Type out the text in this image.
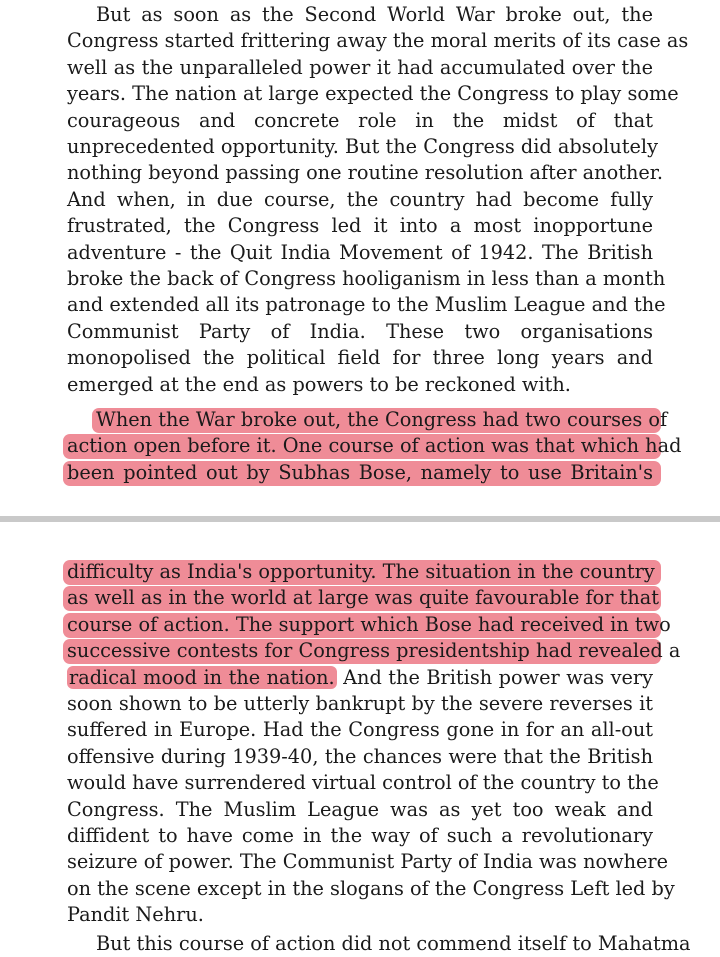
But as soon as the Second World War broke out, the
Congress started frittering away the moral merits of its case as
well as the unparalleled power it had accumulated over the
years. The nation at large expected the Congress to play some
courageous and concrete role in the midst of that
unprecedented opportunity. But the Congress did absolutely
nothing beyond passing one routine resolution after another.
And when, in due course, the country had become fully
frustrated, the Congress led it into a most inopportune
adventure - the Quit India Movement of 1942. The British
broke the back of Congress hooliganism in less than a month
and extended all its patronage to the Muslim League and the
Communist Party of India. These two organisations
monopolised the political field for three long years and
emerged at the end as powers to be reckoned with.
When the War broke out, the Congress had two courses of
action open before it. One course of action was that which had
been pointed out by Subhas Bose, namely to use Britain's
difficulty as India's opportunity. The situation in the country
as well as in the world at large was quite favourable for that
course of action. The support which Bose had received in two
successive contests for Congress presidentship had revealed a
radical mood in the nation. And the British power was very
soon shown to be utterly bankrupt by the severe reverses it
suffered in Europe. Had the Congress gone in for an all-out
offensive during 1939-40, the chances were that the British
would have surrendered virtual control of the country to the
Congress. The Muslim League was as yet too weak and
diffident to have come in the way of such a revolutionary
seizure of power. The Communist Party of India was nowhere
on the scene except in the slogans of the Congress Left led by
Pandit Nehru.
But this course of action did not commend itself to Mahatma
